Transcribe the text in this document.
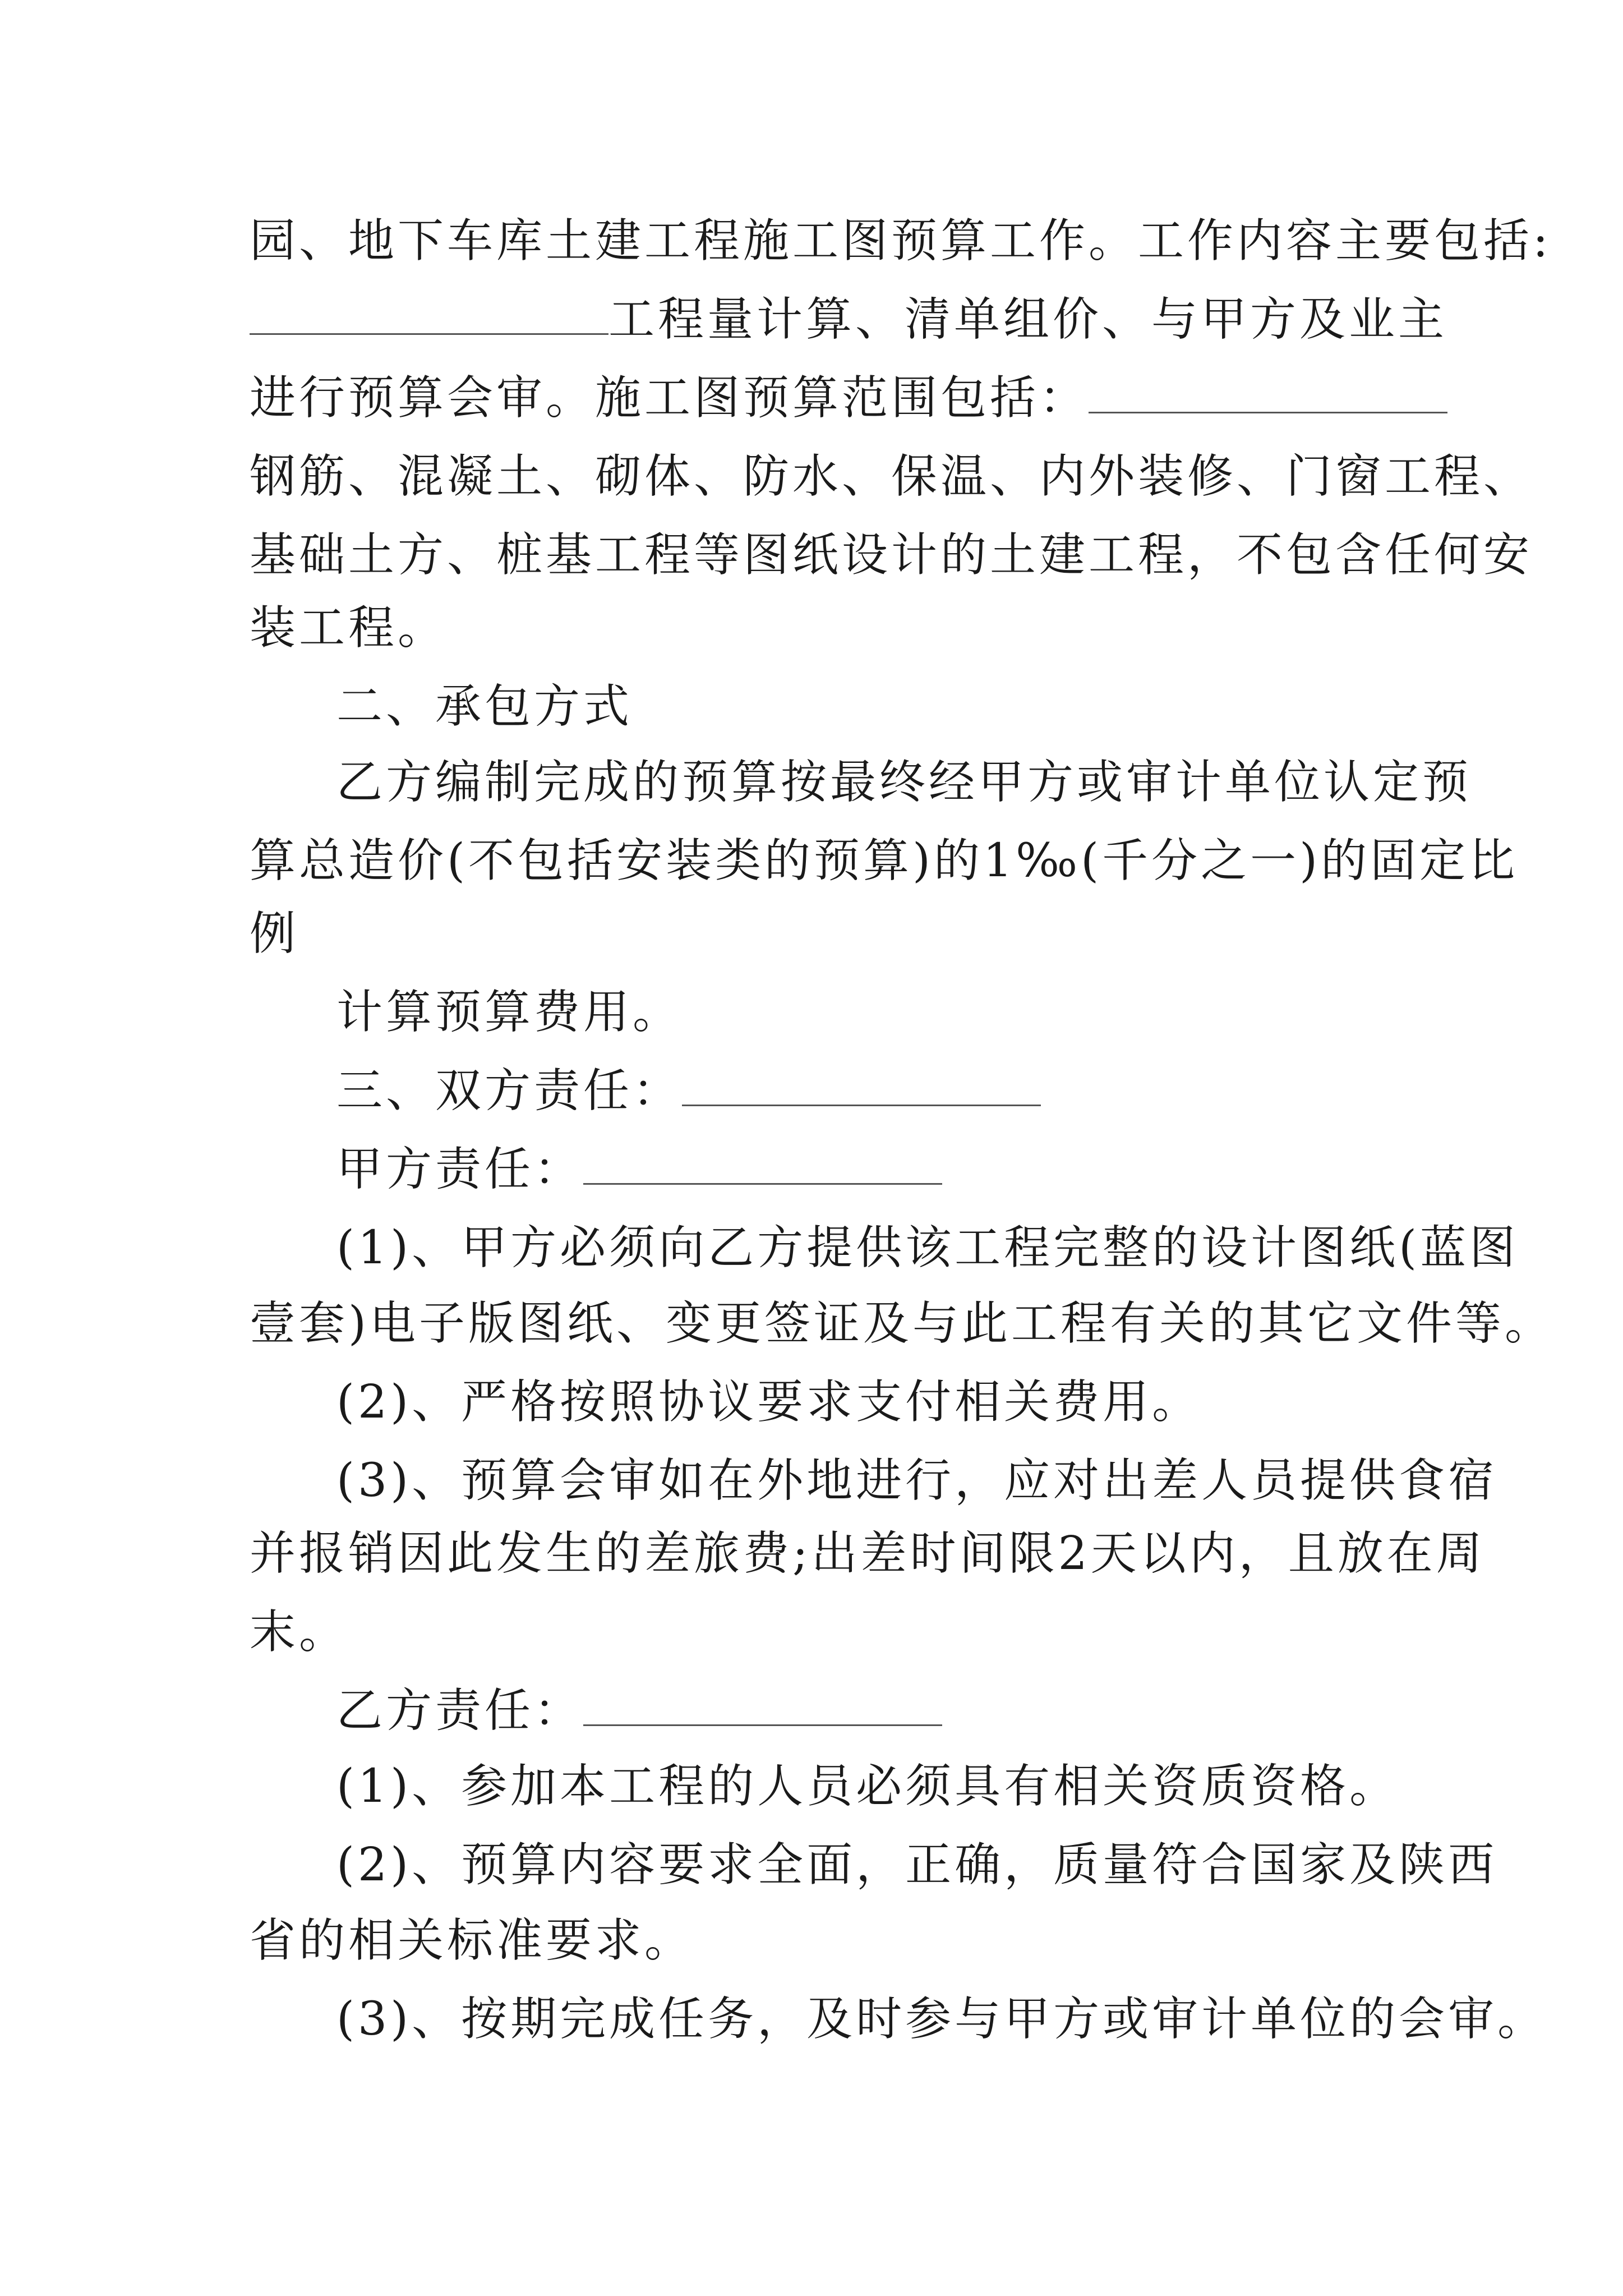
园、地下车库土建工程施工图预算工作。工作内容主要包括:
工程量计算、清单组价、与甲方及业主
进行预算会审。施工图预算范围包括：
钢筋、混凝土、砌体、防水、保温、内外装修、门窗工程、
基础土方、桩基工程等图纸设计的土建工程，不包含任何安
装工程。
二、承包方式
乙方编制完成的预算按最终经甲方或审计单位认定预
算总造价(不包括安装类的预算)的1‰(千分之一)的固定比
例
计算预算费用。
三、双方责任：
甲方责任：
(1)、甲方必须向乙方提供该工程完整的设计图纸(蓝图
壹套)电子版图纸、变更签证及与此工程有关的其它文件等。
(2)、严格按照协议要求支付相关费用。
(3)、预算会审如在外地进行，应对出差人员提供食宿
并报销因此发生的差旅费;出差时间限2天以内，且放在周
末。
乙方责任：
(1)、参加本工程的人员必须具有相关资质资格。
(2)、预算内容要求全面，正确，质量符合国家及陕西
省的相关标准要求。
(3)、按期完成任务，及时参与甲方或审计单位的会审。
